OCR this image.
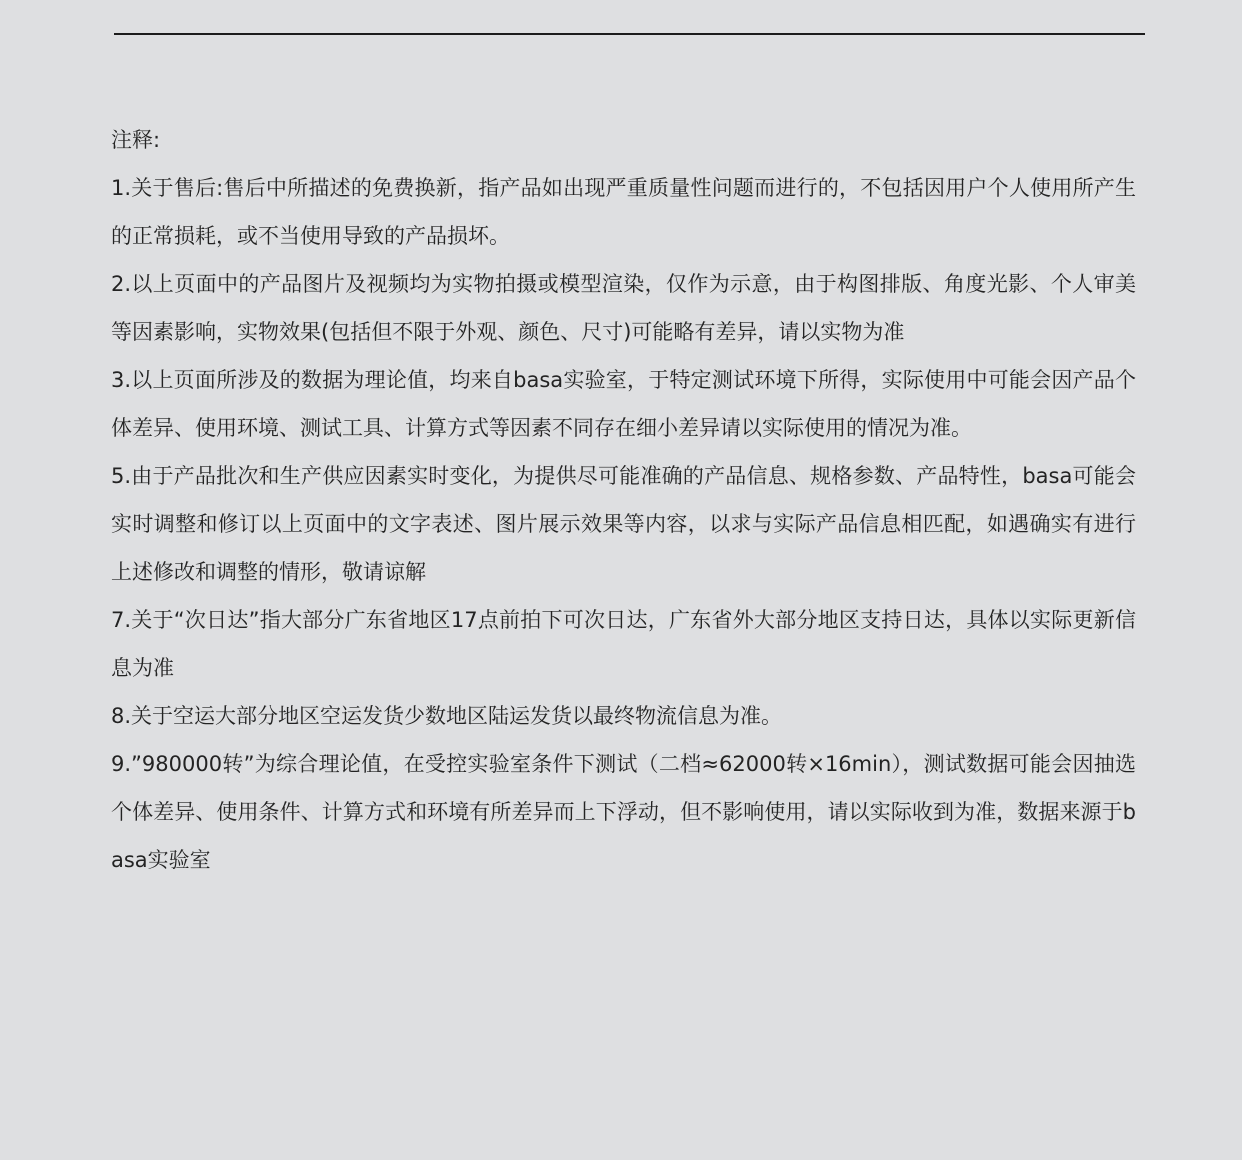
注释:

1.关于售后:售后中所描述的免费换新，指产品如出现严重质量性问题而进行的，不包括因用户个人使用所产生的正常损耗，或不当使用导致的产品损坏。

2.以上页面中的产品图片及视频均为实物拍摄或模型渲染，仅作为示意，由于构图排版、角度光影、个人审美等因素影响，实物效果(包括但不限于外观、颜色、尺寸)可能略有差异，请以实物为准

3.以上页面所涉及的数据为理论值，均来自basa实验室，于特定测试环境下所得，实际使用中可能会因产品个体差异、使用环境、测试工具、计算方式等因素不同存在细小差异请以实际使用的情况为准。

5.由于产品批次和生产供应因素实时变化，为提供尽可能准确的产品信息、规格参数、产品特性，basa可能会实时调整和修订以上页面中的文字表述、图片展示效果等内容，以求与实际产品信息相匹配，如遇确实有进行上述修改和调整的情形，敬请谅解

7.关于“次日达”指大部分广东省地区17点前拍下可次日达，广东省外大部分地区支持日达，具体以实际更新信息为准

8.关于空运大部分地区空运发货少数地区陆运发货以最终物流信息为准。

9.”980000转”为综合理论值，在受控实验室条件下测试（二档≈62000转×16min），测试数据可能会因抽选个体差异、使用条件、计算方式和环境有所差异而上下浮动，但不影响使用，请以实际收到为准，数据来源于basa实验室
